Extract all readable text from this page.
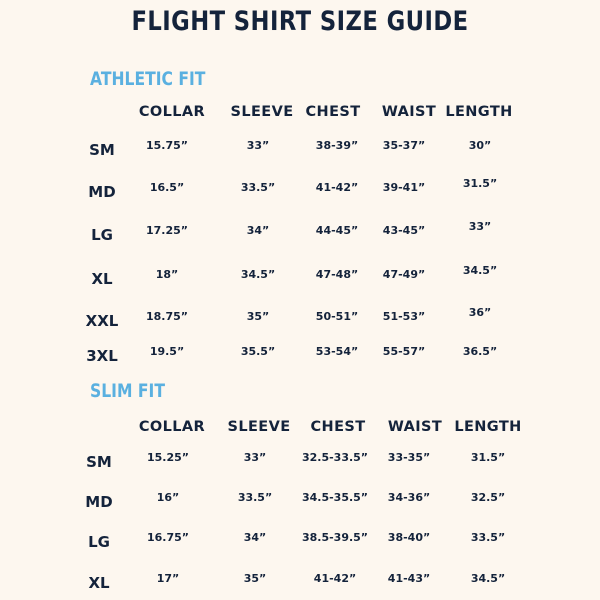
FLIGHT SHIRT SIZE GUIDE
ATHLETIC FIT
SLIM FIT
COLLAR SLEEVE CHEST WAIST LENGTH
SM	15.75”	33”	38-39” 35-37”	30”
MD	16.5”	33.5”	41-42” 39-41”	31.5”
LG	17.25”	34”	44-45” 43-45”	33”
XL	18”	34.5”	47-48” 47-49”	34.5”
XXL	18.75”	35”	50-51” 51-53”	36”
3XL	19.5”	35.5”	53-54” 55-57”	36.5”
COLLAR SLEEVE CHEST WAIST LENGTH
SM	15.25”	33”	32.5-33.5” 33-35”	31.5”
MD	16”	33.5”	34.5-35.5” 34-36”	32.5”
LG	16.75”	34”	38.5-39.5” 38-40”	33.5”
XL	17”	35”	41-42”	41-43”	34.5”
